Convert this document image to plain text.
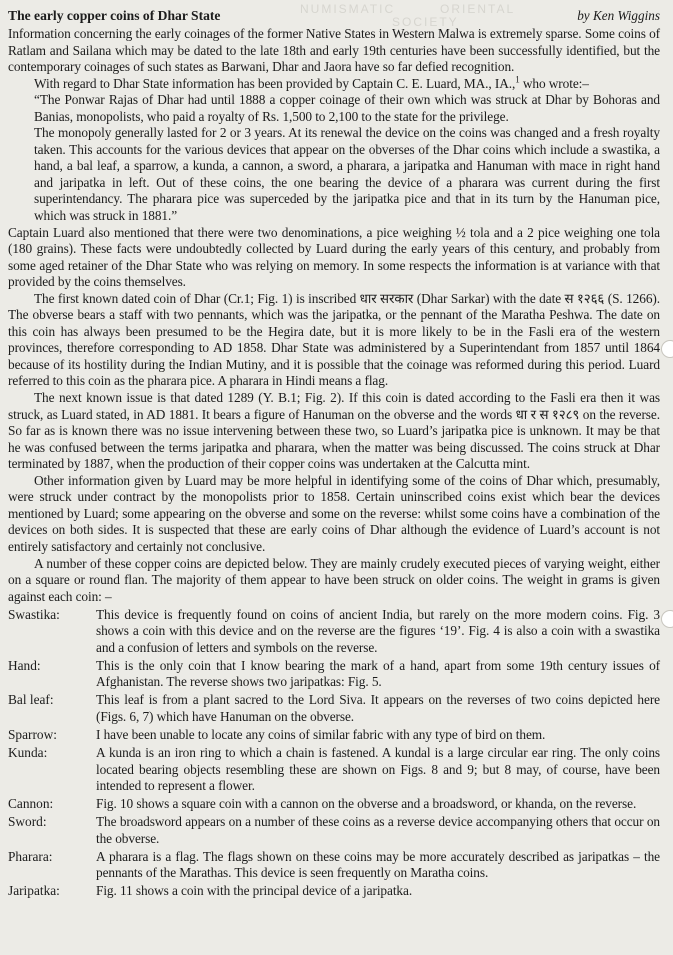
ORIENTAL
NUMISMATIC
SOCIETY
The early copper coins of Dhar State	by Ken Wiggins

Information concerning the early coinages of the former Native States in Western Malwa is extremely sparse. Some coins of Ratlam and Sailana which may be dated to the late 18th and early 19th centuries have been successfully identified, but the contemporary coinages of such states as Barwani, Dhar and Jaora have so far defied recognition.

With regard to Dhar State information has been provided by Captain C. E. Luard, MA., IA.,$^1$ who wrote:–

“The Ponwar Rajas of Dhar had until 1888 a copper coinage of their own which was struck at Dhar by Bohoras and Banias, monopolists, who paid a royalty of Rs. 1,500 to 2,100 to the state for the privilege.

The monopoly generally lasted for 2 or 3 years. At its renewal the device on the coins was changed and a fresh royalty taken. This accounts for the various devices that appear on the obverses of the Dhar coins which include a swastika, a hand, a bal leaf, a sparrow, a kunda, a cannon, a sword, a pharara, a jaripatka and Hanuman with mace in right hand and jaripatka in left. Out of these coins, the one bearing the device of a pharara was current during the first superintendancy. The pharara pice was superceded by the jaripatka pice and that in its turn by the Hanuman pice, which was struck in 1881.”

Captain Luard also mentioned that there were two denominations, a pice weighing ½ tola and a 2 pice weighing one tola (180 grains). These facts were undoubtedly collected by Luard during the early years of this century, and probably from some aged retainer of the Dhar State who was relying on memory. In some respects the information is at variance with that provided by the coins themselves.

The first known dated coin of Dhar (Cr.1; Fig. 1) is inscribed धार सरकार (Dhar Sarkar) with the date स १२६६ (S. 1266). The obverse bears a staff with two pennants, which was the jaripatka, or the pennant of the Maratha Peshwa. The date on this coin has always been presumed to be the Hegira date, but it is more likely to be in the Fasli era of the western provinces, therefore corresponding to AD 1858. Dhar State was administered by a Superintendant from 1857 until 1864 because of its hostility during the Indian Mutiny, and it is possible that the coinage was reformed during this period. Luard referred to this coin as the pharara pice. A pharara in Hindi means a flag.

The next known issue is that dated 1289 (Y. B.1; Fig. 2). If this coin is dated according to the Fasli era then it was struck, as Luard stated, in AD 1881. It bears a figure of Hanuman on the obverse and the words धा र स १२८९ on the reverse. So far as is known there was no issue intervening between these two, so Luard’s jaripatka pice is unknown. It may be that he was confused between the terms jaripatka and pharara, when the matter was being discussed. The coins struck at Dhar terminated by 1887, when the production of their copper coins was undertaken at the Calcutta mint.

Other information given by Luard may be more helpful in identifying some of the coins of Dhar which, presumably, were struck under contract by the monopolists prior to 1858. Certain uninscribed coins exist which bear the devices mentioned by Luard; some appearing on the obverse and some on the reverse: whilst some coins have a combination of the devices on both sides. It is suspected that these are early coins of Dhar although the evidence of Luard’s account is not entirely satisfactory and certainly not conclusive.

A number of these copper coins are depicted below. They are mainly crudely executed pieces of varying weight, either on a square or round flan. The majority of them appear to have been struck on older coins. The weight in grams is given against each coin: –

Swastika:	This device is frequently found on coins of ancient India, but rarely on the more modern coins. Fig. 3 shows a coin with this device and on the reverse are the figures ‘19’. Fig. 4 is also a coin with a swastika and a confusion of letters and symbols on the reverse.
Hand:	This is the only coin that I know bearing the mark of a hand, apart from some 19th century issues of Afghanistan. The reverse shows two jaripatkas: Fig. 5.
Bal leaf:	This leaf is from a plant sacred to the Lord Siva. It appears on the reverses of two coins depicted here (Figs. 6, 7) which have Hanuman on the obverse.
Sparrow:	I have been unable to locate any coins of similar fabric with any type of bird on them.
Kunda:	A kunda is an iron ring to which a chain is fastened. A kundal is a large circular ear ring. The only coins located bearing objects resembling these are shown on Figs. 8 and 9; but 8 may, of course, have been intended to represent a flower.
Cannon:	Fig. 10 shows a square coin with a cannon on the obverse and a broadsword, or khanda, on the reverse.
Sword:	The broadsword appears on a number of these coins as a reverse device accompanying others that occur on the obverse.
Pharara:	A pharara is a flag. The flags shown on these coins may be more accurately described as jaripatkas – the pennants of the Marathas. This device is seen frequently on Maratha coins.
Jaripatka:	Fig. 11 shows a coin with the principal device of a jaripatka.
